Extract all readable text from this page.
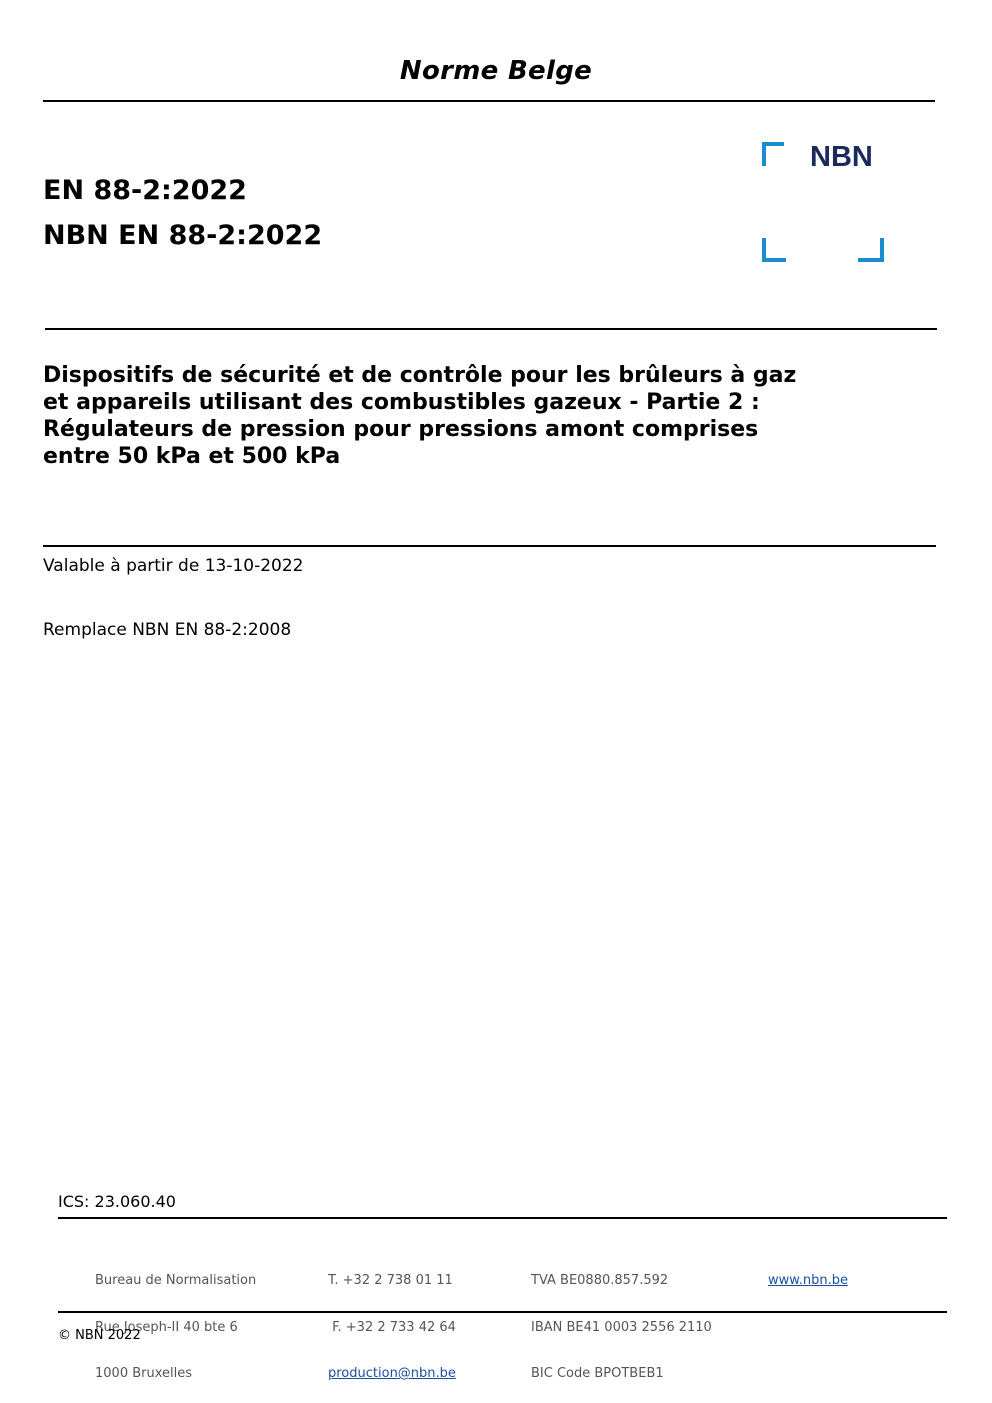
Norme Belge
EN 88-2:2022
NBN EN 88-2:2022
NBN
Dispositifs de sécurité et de contrôle pour les brûleurs à gaz
et appareils utilisant des combustibles gazeux - Partie 2 :
Régulateurs de pression pour pressions amont comprises
entre 50 kPa et 500 kPa
Valable à partir de 13-10-2022
Remplace NBN EN 88-2:2008
ICS: 23.060.40

Bureau de Normalisation

Rue Joseph-II 40 bte 6

1000 Bruxelles

T. +32 2 738 01 11

F. +32 2 733 42 64

production@nbn.be

TVA BE0880.857.592

IBAN BE41 0003 2556 2110

BIC Code BPOTBEB1

www.nbn.be

© NBN 2022
